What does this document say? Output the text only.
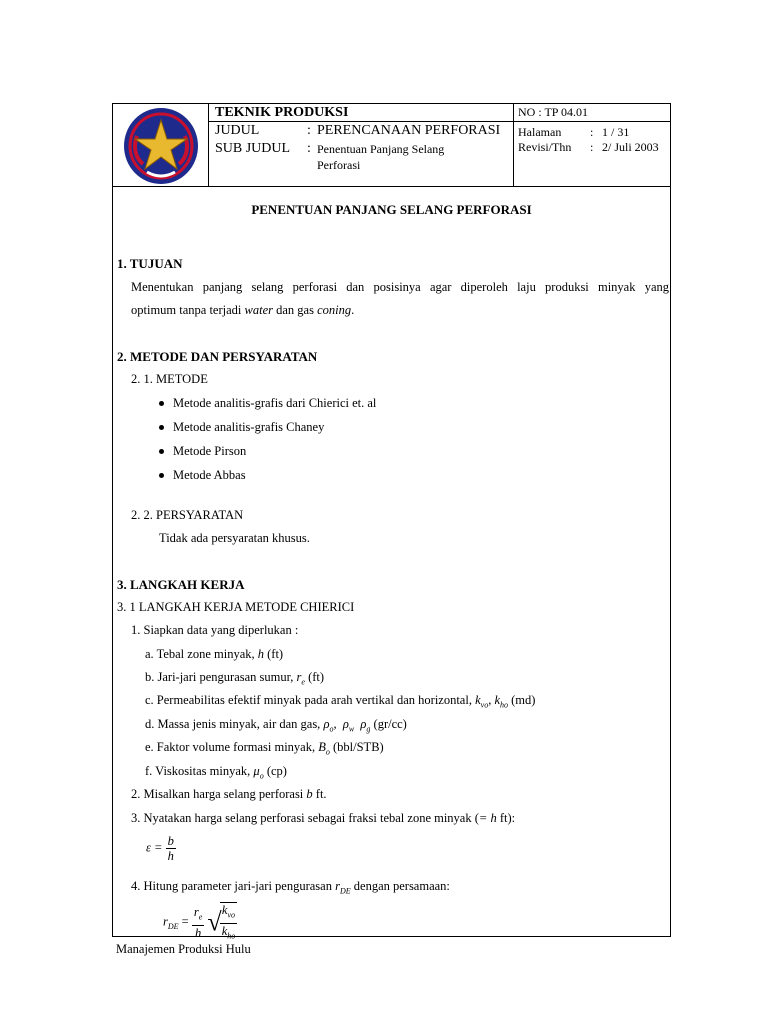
TEKNIK PRODUKSI
JUDUL	: PERENCANAAN PERFORASI
SUB JUDUL	: Penentuan Panjang Selang
Perforasi

NO
: TP 04.01
Halaman	: 1 / 31
Revisi/Thn	: 2/ Juli 2003
PENENTUAN PANJANG SELANG PERFORASI
1. TUJUAN
Menentukan panjang selang perforasi dan posisinya agar diperoleh laju produksi minyak yang
optimum tanpa terjadi water dan gas coning.
2. METODE DAN PERSYARATAN
2. 1. METODE
Metode analitis-grafis dari Chierici et. al
Metode analitis-grafis Chaney
Metode Pirson
Metode Abbas
2. 2. PERSYARATAN
Tidak ada persyaratan khusus.
3. LANGKAH KERJA
3. 1 LANGKAH KERJA METODE CHIERICI
1. Siapkan data yang diperlukan :
a. Tebal zone minyak, h (ft)
b. Jari-jari pengurasan sumur, $r_e$ (ft)
c. Permeabilitas efektif minyak pada arah vertikal dan horizontal, $k_{vo}$, $k_{ho}$ (md)
d. Massa jenis minyak, air dan gas, $\rho_o$,  $\rho_w$ $\rho_g$ (gr/cc)
e. Faktor volume formasi minyak, $B_o$ (bbl/STB)
f. Viskositas minyak, $\mu_o$ (cp)
2. Misalkan harga selang perforasi b ft.
3. Nyatakan harga selang perforasi sebagai fraksi tebal zone minyak (= h ft):
$\varepsilon = \frac{b}{h}$
4. Hitung parameter jari-jari pengurasan $r_{DE}$ dengan persamaan:
$r_{DE} = \frac{r_e}{h}$ √
$\frac{k_{vo}}{k_{ho}}$
Manajemen Produksi Hulu
